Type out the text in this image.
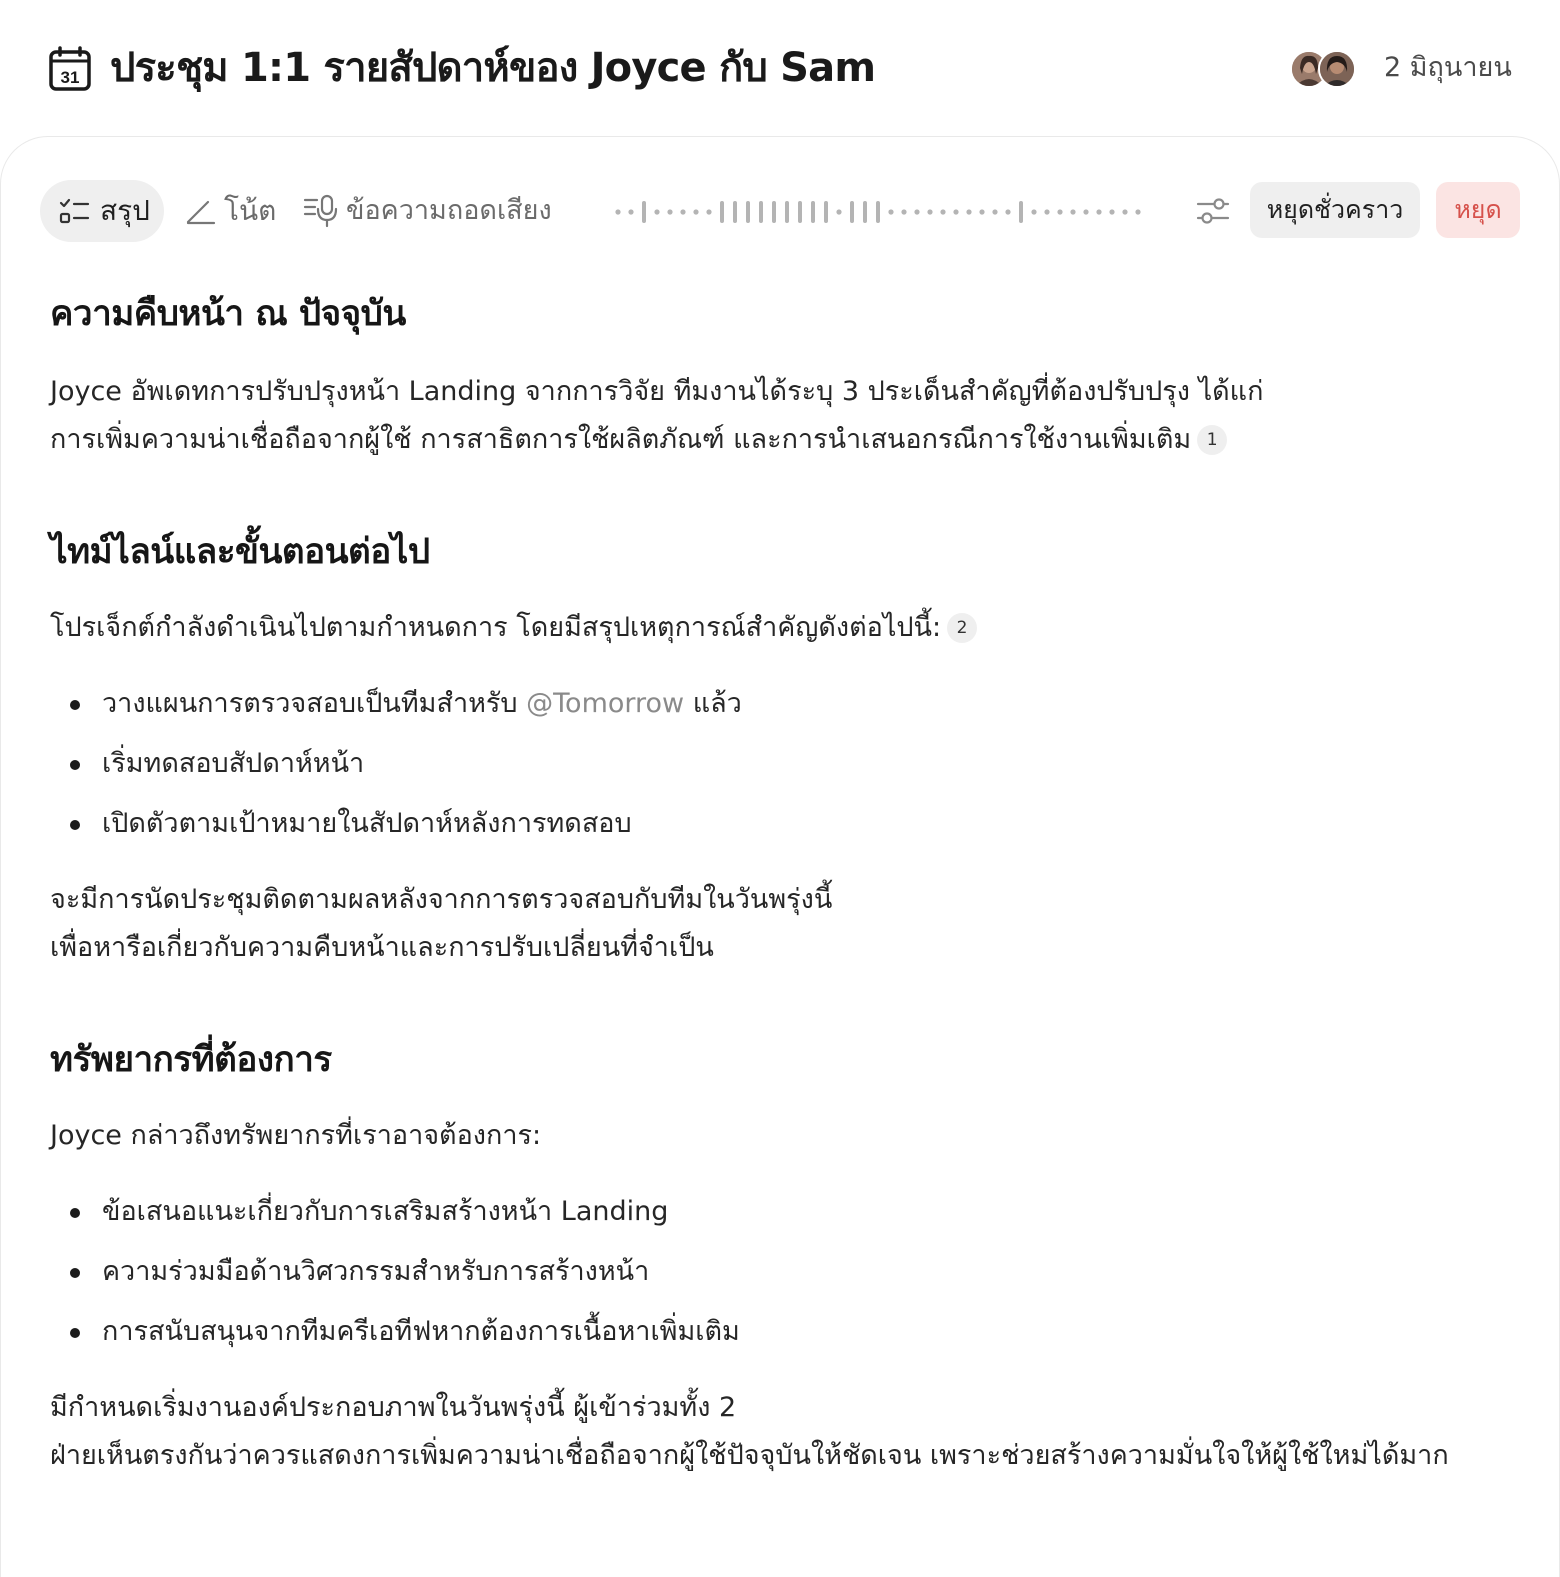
31 ประชุม 1:1 รายสัปดาห์ของ Joyce กับ Sam	2 มิถุนายน
สรุป	โน้ต	ข้อความถอดเสียง	หยุดชั่วคราว	หยุด
ความคืบหน้า ณ ปัจจุบัน

Joyce อัพเดทการปรับปรุงหน้า Landing จากการวิจัย ทีมงานได้ระบุ 3 ประเด็นสำคัญที่ต้องปรับปรุง ได้แก่
การเพิ่มความน่าเชื่อถือจากผู้ใช้ การสาธิตการใช้ผลิตภัณฑ์ และการนำเสนอกรณีการใช้งานเพิ่มเติม 1

ไทม์ไลน์และขั้นตอนต่อไป

โปรเจ็กต์กำลังดำเนินไปตามกำหนดการ โดยมีสรุปเหตุการณ์สำคัญดังต่อไปนี้: 2

วางแผนการตรวจสอบเป็นทีมสำหรับ @Tomorrow แล้ว
เริ่มทดสอบสัปดาห์หน้า
เปิดตัวตามเป้าหมายในสัปดาห์หลังการทดสอบ

จะมีการนัดประชุมติดตามผลหลังจากการตรวจสอบกับทีมในวันพรุ่งนี้
เพื่อหารือเกี่ยวกับความคืบหน้าและการปรับเปลี่ยนที่จำเป็น

ทรัพยากรที่ต้องการ

Joyce กล่าวถึงทรัพยากรที่เราอาจต้องการ:

ข้อเสนอแนะเกี่ยวกับการเสริมสร้างหน้า Landing
ความร่วมมือด้านวิศวกรรมสำหรับการสร้างหน้า
การสนับสนุนจากทีมครีเอทีฟหากต้องการเนื้อหาเพิ่มเติม

มีกำหนดเริ่มงานองค์ประกอบภาพในวันพรุ่งนี้ ผู้เข้าร่วมทั้ง 2
ฝ่ายเห็นตรงกันว่าควรแสดงการเพิ่มความน่าเชื่อถือจากผู้ใช้ปัจจุบันให้ชัดเจน เพราะช่วยสร้างความมั่นใจให้ผู้ใช้ใหม่ได้มาก
